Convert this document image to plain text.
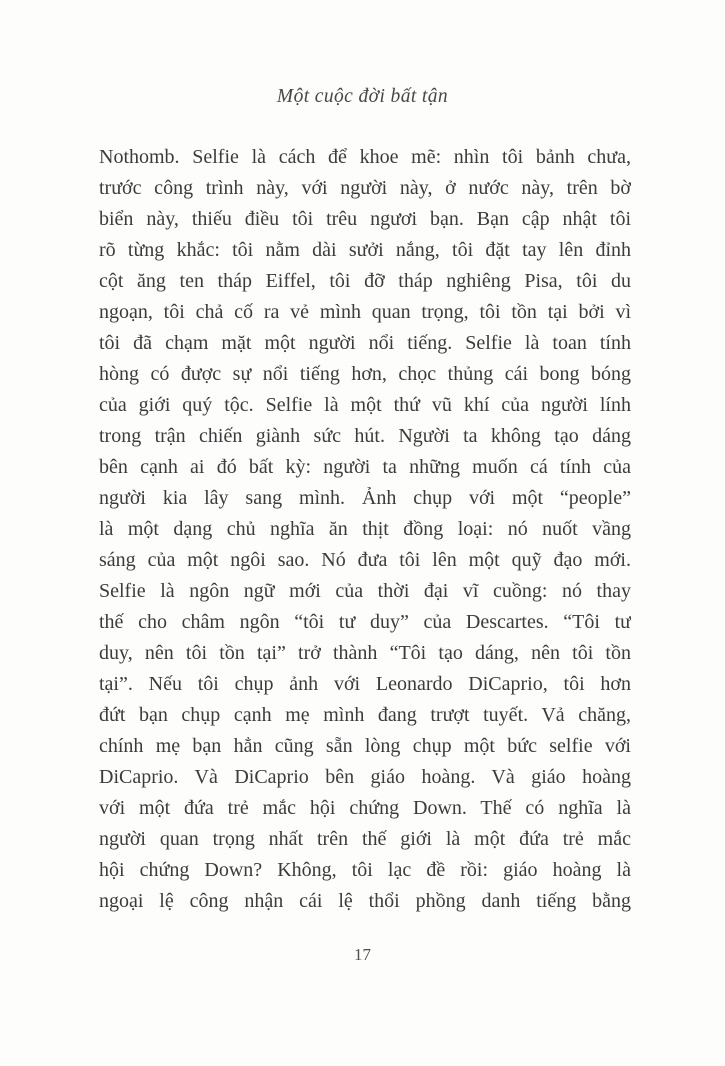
Một cuộc đời bất tận
Nothomb. Selfie là cách để khoe mẽ: nhìn tôi bảnh chưa,
trước công trình này, với người này, ở nước này, trên bờ
biển này, thiếu điều tôi trêu ngươi bạn. Bạn cập nhật tôi
rõ từng khắc: tôi nằm dài sưởi nắng, tôi đặt tay lên đỉnh
cột ăng ten tháp Eiffel, tôi đỡ tháp nghiêng Pisa, tôi du
ngoạn, tôi chả cố ra vẻ mình quan trọng, tôi tồn tại bởi vì
tôi đã chạm mặt một người nổi tiếng. Selfie là toan tính
hòng có được sự nổi tiếng hơn, chọc thủng cái bong bóng
của giới quý tộc. Selfie là một thứ vũ khí của người lính
trong trận chiến giành sức hút. Người ta không tạo dáng
bên cạnh ai đó bất kỳ: người ta những muốn cá tính của
người kia lây sang mình. Ảnh chụp với một “people”
là một dạng chủ nghĩa ăn thịt đồng loại: nó nuốt vầng
sáng của một ngôi sao. Nó đưa tôi lên một quỹ đạo mới.
Selfie là ngôn ngữ mới của thời đại vĩ cuồng: nó thay
thế cho châm ngôn “tôi tư duy” của Descartes. “Tôi tư
duy, nên tôi tồn tại” trở thành “Tôi tạo dáng, nên tôi tồn
tại”. Nếu tôi chụp ảnh với Leonardo DiCaprio, tôi hơn
đứt bạn chụp cạnh mẹ mình đang trượt tuyết. Vả chăng,
chính mẹ bạn hẳn cũng sẵn lòng chụp một bức selfie với
DiCaprio. Và DiCaprio bên giáo hoàng. Và giáo hoàng
với một đứa trẻ mắc hội chứng Down. Thế có nghĩa là
người quan trọng nhất trên thế giới là một đứa trẻ mắc
hội chứng Down? Không, tôi lạc đề rồi: giáo hoàng là
ngoại lệ công nhận cái lệ thổi phồng danh tiếng bằng
17
